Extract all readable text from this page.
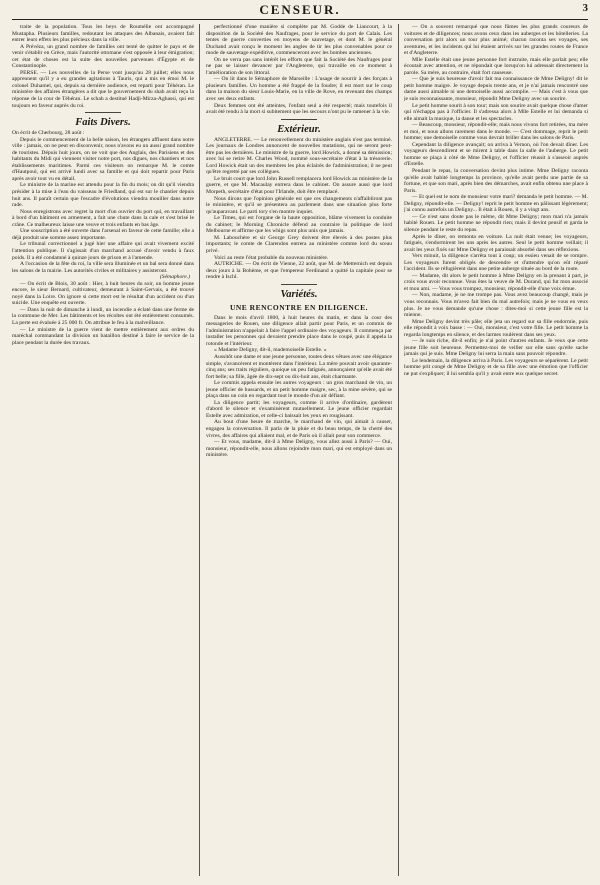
CENSEUR.	3

traite de la population. Tous les beys de Roumélie ont accompagné Mustapha. Plusieurs familles, redoutant les attaques des Albanais, avaient fait entrer leurs effets les plus précieux dans la ville.

A Prévéza, un grand nombre de familles ont tenté de quitter le pays et de venir s'établir en Grèce, mais l'autorité ottomane s'est opposée à leur émigration; cet état de choses est la suite des nouvelles parvenues d'Égypte et de Constantinople.

PERSE. — Les nouvelles de la Perse vont jusqu'au 28 juillet; elles nous apprennent qu'il y a eu grandes agitations à Tauris, qui a mis en émoi M. le colonel Duhamel, qui, depuis sa dernière audience, est reparti pour Téhéran. Le ministère des affaires étrangères a dit que le gouvernement du shah avait reçu la réponse de la cour de Téhéran. Le schah a destitué Hadji-Mirza-Aghassi, qui est toujours en faveur auprès du roi.

Faits Divers.

On écrit de Cherbourg, 28 août :

Depuis le commencement de la belle saison, les étrangers affluent dans notre ville : jamais, on ne peut en disconvenir, nous n'avons eu un aussi grand nombre de touristes. Dépuis huit jours, on ne voit que des Anglais, des Parisiens et des habitants du Midi qui viennent visiter notre port, nos digues, nos chantiers et nos établissements maritimes. Parmi ces visiteurs on remarque M. le comte d'Hautpoul, qui est arrivé lundi avec sa famille et qui doit repartir pour Paris après avoir tout vu en détail.

Le ministre de la marine est attendu pour la fin du mois; on dit qu'il viendra présider à la mise à l'eau du vaisseau le Friedland, qui est sur le chantier depuis huit ans. Il paraît certain que l'escadre d'évolutions viendra mouiller dans notre rade.

Nous enregistrons avec regret la mort d'un ouvrier du port qui, en travaillant à bord d'un bâtiment en armement, a fait une chute dans la cale et s'est brisé le crâne. Ce malheureux laisse une veuve et trois enfants en bas âge.

Une souscription a été ouverte dans l'arsenal en faveur de cette famille; elle a déjà produit une somme assez importante.

Le tribunal correctionnel a jugé hier une affaire qui avait vivement excité l'attention publique. Il s'agissait d'un marchand accusé d'avoir vendu à faux poids. Il a été condamné à quinze jours de prison et à l'amende.

A l'occasion de la fête du roi, la ville sera illuminée et un bal sera donné dans les salons de la mairie. Les autorités civiles et militaires y assisteront.

(Sémaphore.)

— On écrit de Blois, 30 août : Hier, à huit heures du soir, un homme jeune encore, le sieur Bernard, cultivateur, demeurant à Saint-Gervais, a été trouvé noyé dans la Loire. On ignore si cette mort est le résultat d'un accident ou d'un suicide. Une enquête est ouverte.

— Dans la nuit de dimanche à lundi, un incendie a éclaté dans une ferme de la commune de Mer. Les bâtiments et les récoltes ont été entièrement consumés. La perte est évaluée à 25 000 fr. On attribue le feu à la malveillance.

— Le ministre de la guerre vient de mettre entièrement aux ordres du maréchal commandant la division un bataillon destiné à faire le service de la place pendant la durée des travaux.

perfectionné d'une manière si complète par M. Godde de Liancourt, à la disposition de la Société des Naufrages, pour le service du port de Calais. Les tentes de guerre converties en moyens de sauvetage, et dont M. le général Duchand avait conçu le moment les angles de tir les plus convenables pour ce mode de sauvetage expéditive, commenceront avec les bombes anciennes.

On ne verra pas sans intérêt les efforts que fait la Société des Naufrages pour ne pas se laisser devancer par l'Angleterre, qui travaille en ce moment à l'amélioration de son littoral.

— On lit dans le Sémaphore de Marseille : L'usage de nourrir à des forçats à plusieurs familles. Un homme a été frappé de la foudre; il est mort sur le coup dans la maison du sieur Louis-Marie, en la ville de Rove, en revenant des champs avec ses deux enfants.

Deux femmes ont été atteintes, l'enfant seul a été respecté; mais toutefois il avait été rendu à la mort si subitement que les secours n'ont pu le ramener à la vie.

Extérieur.

ANGLETERRE. — Le renouvellement du ministère anglais n'est pas terminé. Les journaux de Londres annoncent de nouvelles mutations, qui ne seront peut-être pas les dernières. Le ministre de la guerre, lord Howick, a donné sa démission; avec lui se retire M. Charles Wood, nommé sous-secrétaire d'état à la trésorerie. Lord Howick était un des membres les plus éclairés de l'administration; il ne peut qu'être regretté par ses collègues.

Le bruit court que lord John Russell remplacera lord Howick au ministère de la guerre, et que M. Macaulay entrera dans le cabinet. On assure aussi que lord Morpeth, secrétaire d'état pour l'Irlande, doit être remplacé.

Nous dirons que l'opinion générale est que ces changements n'affaibliront pas le ministère, et qu'il se présentera au parlement dans une situation plus forte qu'auparavant. Le parti tory s'en montre inquiet.

Le Times, qui est l'organe de la haute opposition, blâme vivement la conduite du cabinet; le Morning Chronicle défend au contraire la politique de lord Melbourne et affirme que les whigs sont plus unis que jamais.

M. Labouchère et sir George Grey doivent être élevés à des postes plus importants; le comte de Clarendon entrera au ministère comme lord du sceau privé.

Voici au reste l'état probable du nouveau ministère.

AUTRICHE. — On écrit de Vienne, 22 août, que M. de Metternich est depuis deux jours à la Bohème, et que l'empereur Ferdinand a quitté la capitale pour se rendre à Ischl.

Variétés.
UNE RENCONTRE EN DILIGENCE.

Dans le mois d'avril 1800, à huit heures du matin, et dans la cour des messageries de Rouen, une diligence allait partir pour Paris, et un commis de l'administration n'appelait à faire l'appel ordinaire des voyageurs. Il commença par installer les personnes qui devaient prendre place dans le coupé, puis il appela la rotonde et l'intérieur.

« Madame Deligny, dit-il, mademoiselle Estelle. »

Aussitôt une dame et une jeune personne, toutes deux vêtues avec une élégance simple, s'avancèrent et montèrent dans l'intérieur. La mère pouvait avoir quarante-cinq ans; ses traits réguliers, quoique un peu fatigués, annonçaient qu'elle avait été fort belle; sa fille, âgée de dix-sept ou dix-huit ans, était charmante.

Le commis appela ensuite les autres voyageurs : un gros marchand de vin, un jeune officier de hussards, et un petit homme maigre, sec, à la mine sévère, qui se plaça dans un coin en regardant tout le monde d'un air défiant.

La diligence partit; les voyageurs, comme il arrive d'ordinaire, gardèrent d'abord le silence et s'examinèrent mutuellement. Le jeune officier regardait Estelle avec admiration, et celle-ci baissait les yeux en rougissant.

Au bout d'une heure de marche, le marchand de vin, qui aimait à causer, engagea la conversation. Il parla de la pluie et du beau temps, de la cherté des vivres, des affaires qui allaient mal, et de Paris où il allait pour son commerce.

— Et vous, madame, dit-il à Mme Deligny, vous allez aussi à Paris? — Oui, monsieur, répondit-elle, nous allons rejoindre mon mari, qui est employé dans un ministère.

— On a souvent remarqué que nous fûmes les plus grands coureurs de voitures et de diligences; nous avons ceux dans les auberges et les hôtelleries. La conversation prit alors un tour plus animé; chacun raconta ses voyages, ses aventures, et les incidents qui lui étaient arrivés sur les grandes routes de France et d'Angleterre.

Mlle Estelle était une jeune personne fort instruite, mais elle parlait peu; elle écoutait avec attention, et ne répondait que lorsqu'on lui adressait directement la parole. Sa mère, au contraire, était fort causeuse.

— Que je suis heureuse d'avoir fait ma connaissance de Mme Deligny! dit le petit homme maigre. Je voyage depuis trente ans, et je n'ai jamais rencontré une dame aussi aimable ni une demoiselle aussi accomplie. — Mais c'est à vous que je suis reconnaissante, monsieur, répondit Mme Deligny avec un sourire.

Le petit homme sourit à son tour; mais son sourire avait quelque chose d'amer qui n'échappa pas à l'officier. Il s'adressa alors à Mlle Estelle et lui demanda si elle aimait la musique, la danse et les spectacles.

— Beaucoup, monsieur, répondit-elle; mais nous vivons fort retirées, ma mère et moi, et nous allons rarement dans le monde. — C'est dommage, reprit le petit homme; une demoiselle comme vous devrait briller dans les salons de Paris.

Cependant la diligence avançait; on arriva à Vernon, où l'on devait dîner. Les voyageurs descendirent et se mirent à table dans la salle de l'auberge. Le petit homme se plaça à côté de Mme Deligny, et l'officier réussit à s'asseoir auprès d'Estelle.

Pendant le repas, la conversation devint plus intime. Mme Deligny raconta qu'elle avait habité longtemps la province, qu'elle avait perdu une partie de sa fortune, et que son mari, après bien des démarches, avait enfin obtenu une place à Paris.

— Et quel est le nom de monsieur votre mari? demanda le petit homme. — M. Deligny, répondit-elle. — Deligny! reprit le petit homme en pâlissant légèrement; j'ai connu autrefois un Deligny... Il était à Rouen, il y a vingt ans.

— Ce n'est sans doute pas le même, dit Mme Deligny; mon mari n'a jamais habité Rouen. Le petit homme ne répondit rien; mais il devint pensif et garda le silence pendant le reste du repas.

Après le dîner, on remonta en voiture. La nuit était venue; les voyageurs, fatigués, s'endormirent les uns après les autres. Seul le petit homme veillait; il avait les yeux fixés sur Mme Deligny et paraissait absorbé dans ses réflexions.

Vers minuit, la diligence s'arrêta tout à coup; un essieu venait de se rompre. Les voyageurs furent obligés de descendre et d'attendre qu'on eût réparé l'accident. Ils se réfugièrent dans une petite auberge située au bord de la route.

— Madame, dit alors le petit homme à Mme Deligny en la prenant à part, je crois vous avoir reconnue. Vous êtes la veuve de M. Durand, qui fut mon associé et mon ami. — Vous vous trompez, monsieur, répondit-elle d'une voix émue.

— Non, madame, je ne me trompe pas. Vous avez beaucoup changé, mais je vous reconnais. Vous m'avez fait bien du mal autrefois; mais je ne vous en veux plus. Je ne vous demande qu'une chose : dites-moi si cette jeune fille est la mienne.

Mme Deligny devint très pâle; elle jeta un regard sur sa fille endormie, puis elle répondit à voix basse : — Oui, monsieur, c'est votre fille. Le petit homme la regarda longtemps en silence, et des larmes roulèrent dans ses yeux.

— Je suis riche, dit-il enfin; je n'ai point d'autres enfants. Je veux que cette jeune fille soit heureuse. Permettez-moi de veiller sur elle sans qu'elle sache jamais qui je suis. Mme Deligny lui serra la main sans pouvoir répondre.

Le lendemain, la diligence arriva à Paris. Les voyageurs se séparèrent. Le petit homme prit congé de Mme Deligny et de sa fille avec une émotion que l'officier ne put s'expliquer; il lui sembla qu'il y avait entre eux quelque secret.
